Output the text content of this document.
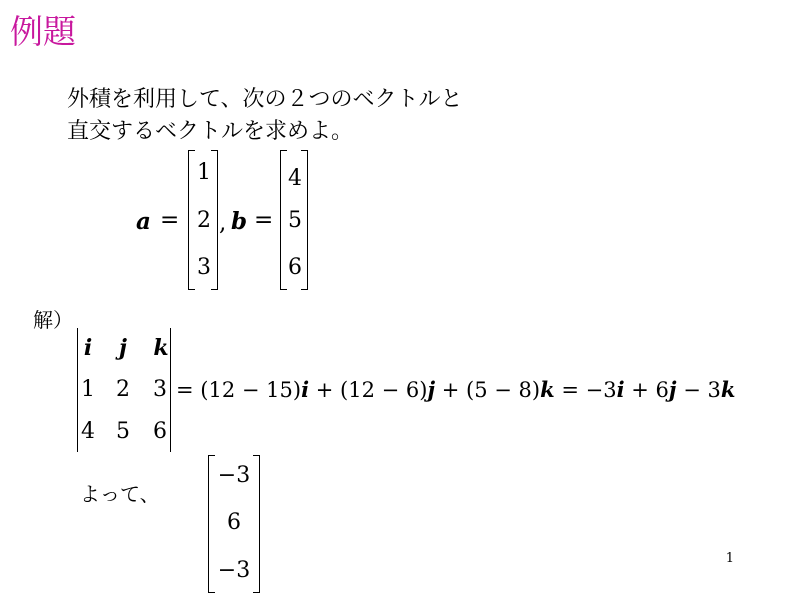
例題
外積を利用して、次の２つのベクトルと
直交するベクトルを求めよ。
a =
1
2
3
, b =
4
5
6
解）
i j k
1 2 3
4 5 6
= (12 − 15)i + (12 − 6)j + (5 − 8)k = −3i + 6j − 3k
よって、
−3
6
−3	1
